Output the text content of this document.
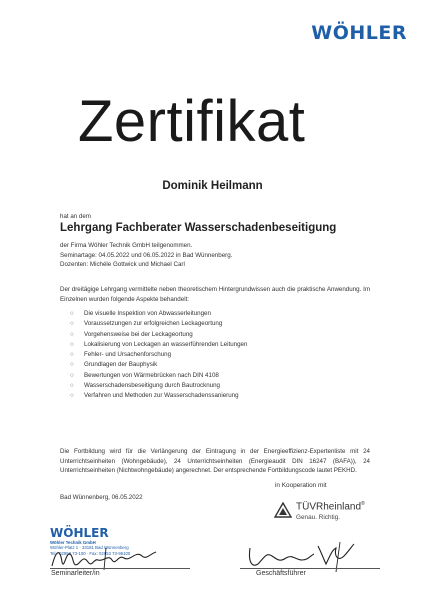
WÖHLER
Zertifikat
Dominik Heilmann
hat an dem
Lehrgang Fachberater Wasserschadenbeseitigung
der Firma Wöhler Technik GmbH teilgenommen.
Seminartage: 04.05.2022 und 06.05.2022 in Bad Wünnenberg.
Dozenten: Michéle Gottwick und Michael Carl
Der dreitägige Lehrgang vermittelte neben theoretischem Hintergrundwissen auch die praktische Anwendung. Im Einzelnen wurden folgende Aspekte behandelt:
○ Die visuelle Inspektion von Abwasserleitungen
○ Voraussetzungen zur erfolgreichen Leckageortung
○ Vorgehensweise bei der Leckageortung
○ Lokalisierung von Leckagen an wasserführenden Leitungen
○ Fehler- und Ursachenforschung
○ Grundlagen der Bauphysik
○ Bewertungen von Wärmebrücken nach DIN 4108
○ Wasserschadensbeseitigung durch Bautrocknung
○ Verfahren und Methoden zur Wasserschadenssanierung
Die Fortbildung wird für die Verlängerung der Eintragung in der Energieeffizienz-Expertenliste mit 24 Unterrichtseinheiten (Wohngebäude), 24 Unterrichtseinheiten (Energieaudit DIN 16247 (BAFA)), 24 Unterrichtseinheiten (Nichtwohngebäude) angerechnet. Der entsprechende Fortbildungscode lautet PEKHD.
Bad Wünnenberg, 06.05.2022
in Kooperation mit
TÜVRheinland®
Genau. Richtig.
WÖHLER
Wöhler Technik GmbH
Wöhler-Platz 1 · 33181 Bad Wünnenberg
Tel.: 02953 73-100 · Fax: 02953 73-96100
Seminarleiter/in	Geschäftsführer
